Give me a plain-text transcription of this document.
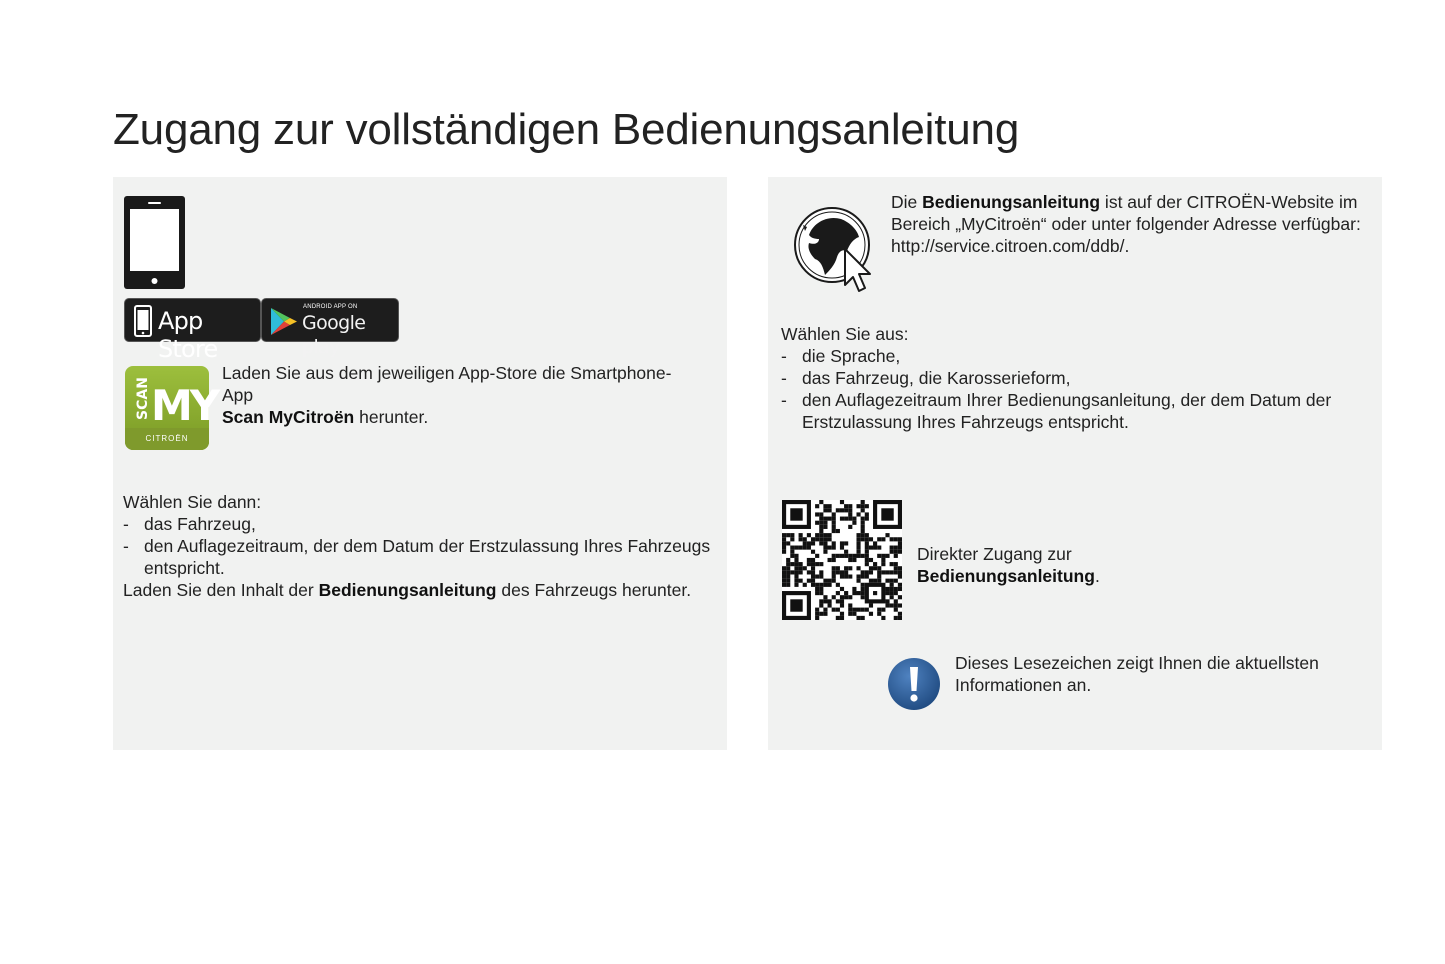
Zugang zur vollständigen Bedienungsanleitung
App Store
ANDROID APP ON
Google play
MY
SCAN
CITROËN
Laden Sie aus dem jeweiligen App-Store die Smartphone-App
Scan MyCitroën herunter.
Wählen Sie dann:
- das Fahrzeug,
- den Auflagezeitraum, der dem Datum der Erstzulassung Ihres Fahrzeugs entspricht.
Laden Sie den Inhalt der Bedienungsanleitung des Fahrzeugs herunter.
Die Bedienungsanleitung ist auf der CITROËN-Website im Bereich „MyCitroën“ oder unter folgender Adresse verfügbar: http://service.citroen.com/ddb/.
Wählen Sie aus:
- die Sprache,
- das Fahrzeug, die Karosserieform,
- den Auflagezeitraum Ihrer Bedienungsanleitung, der dem Datum der Erstzulassung Ihres Fahrzeugs entspricht.
Direkter Zugang zur
Bedienungsanleitung.
Dieses Lesezeichen zeigt Ihnen die aktuellsten Informationen an.
